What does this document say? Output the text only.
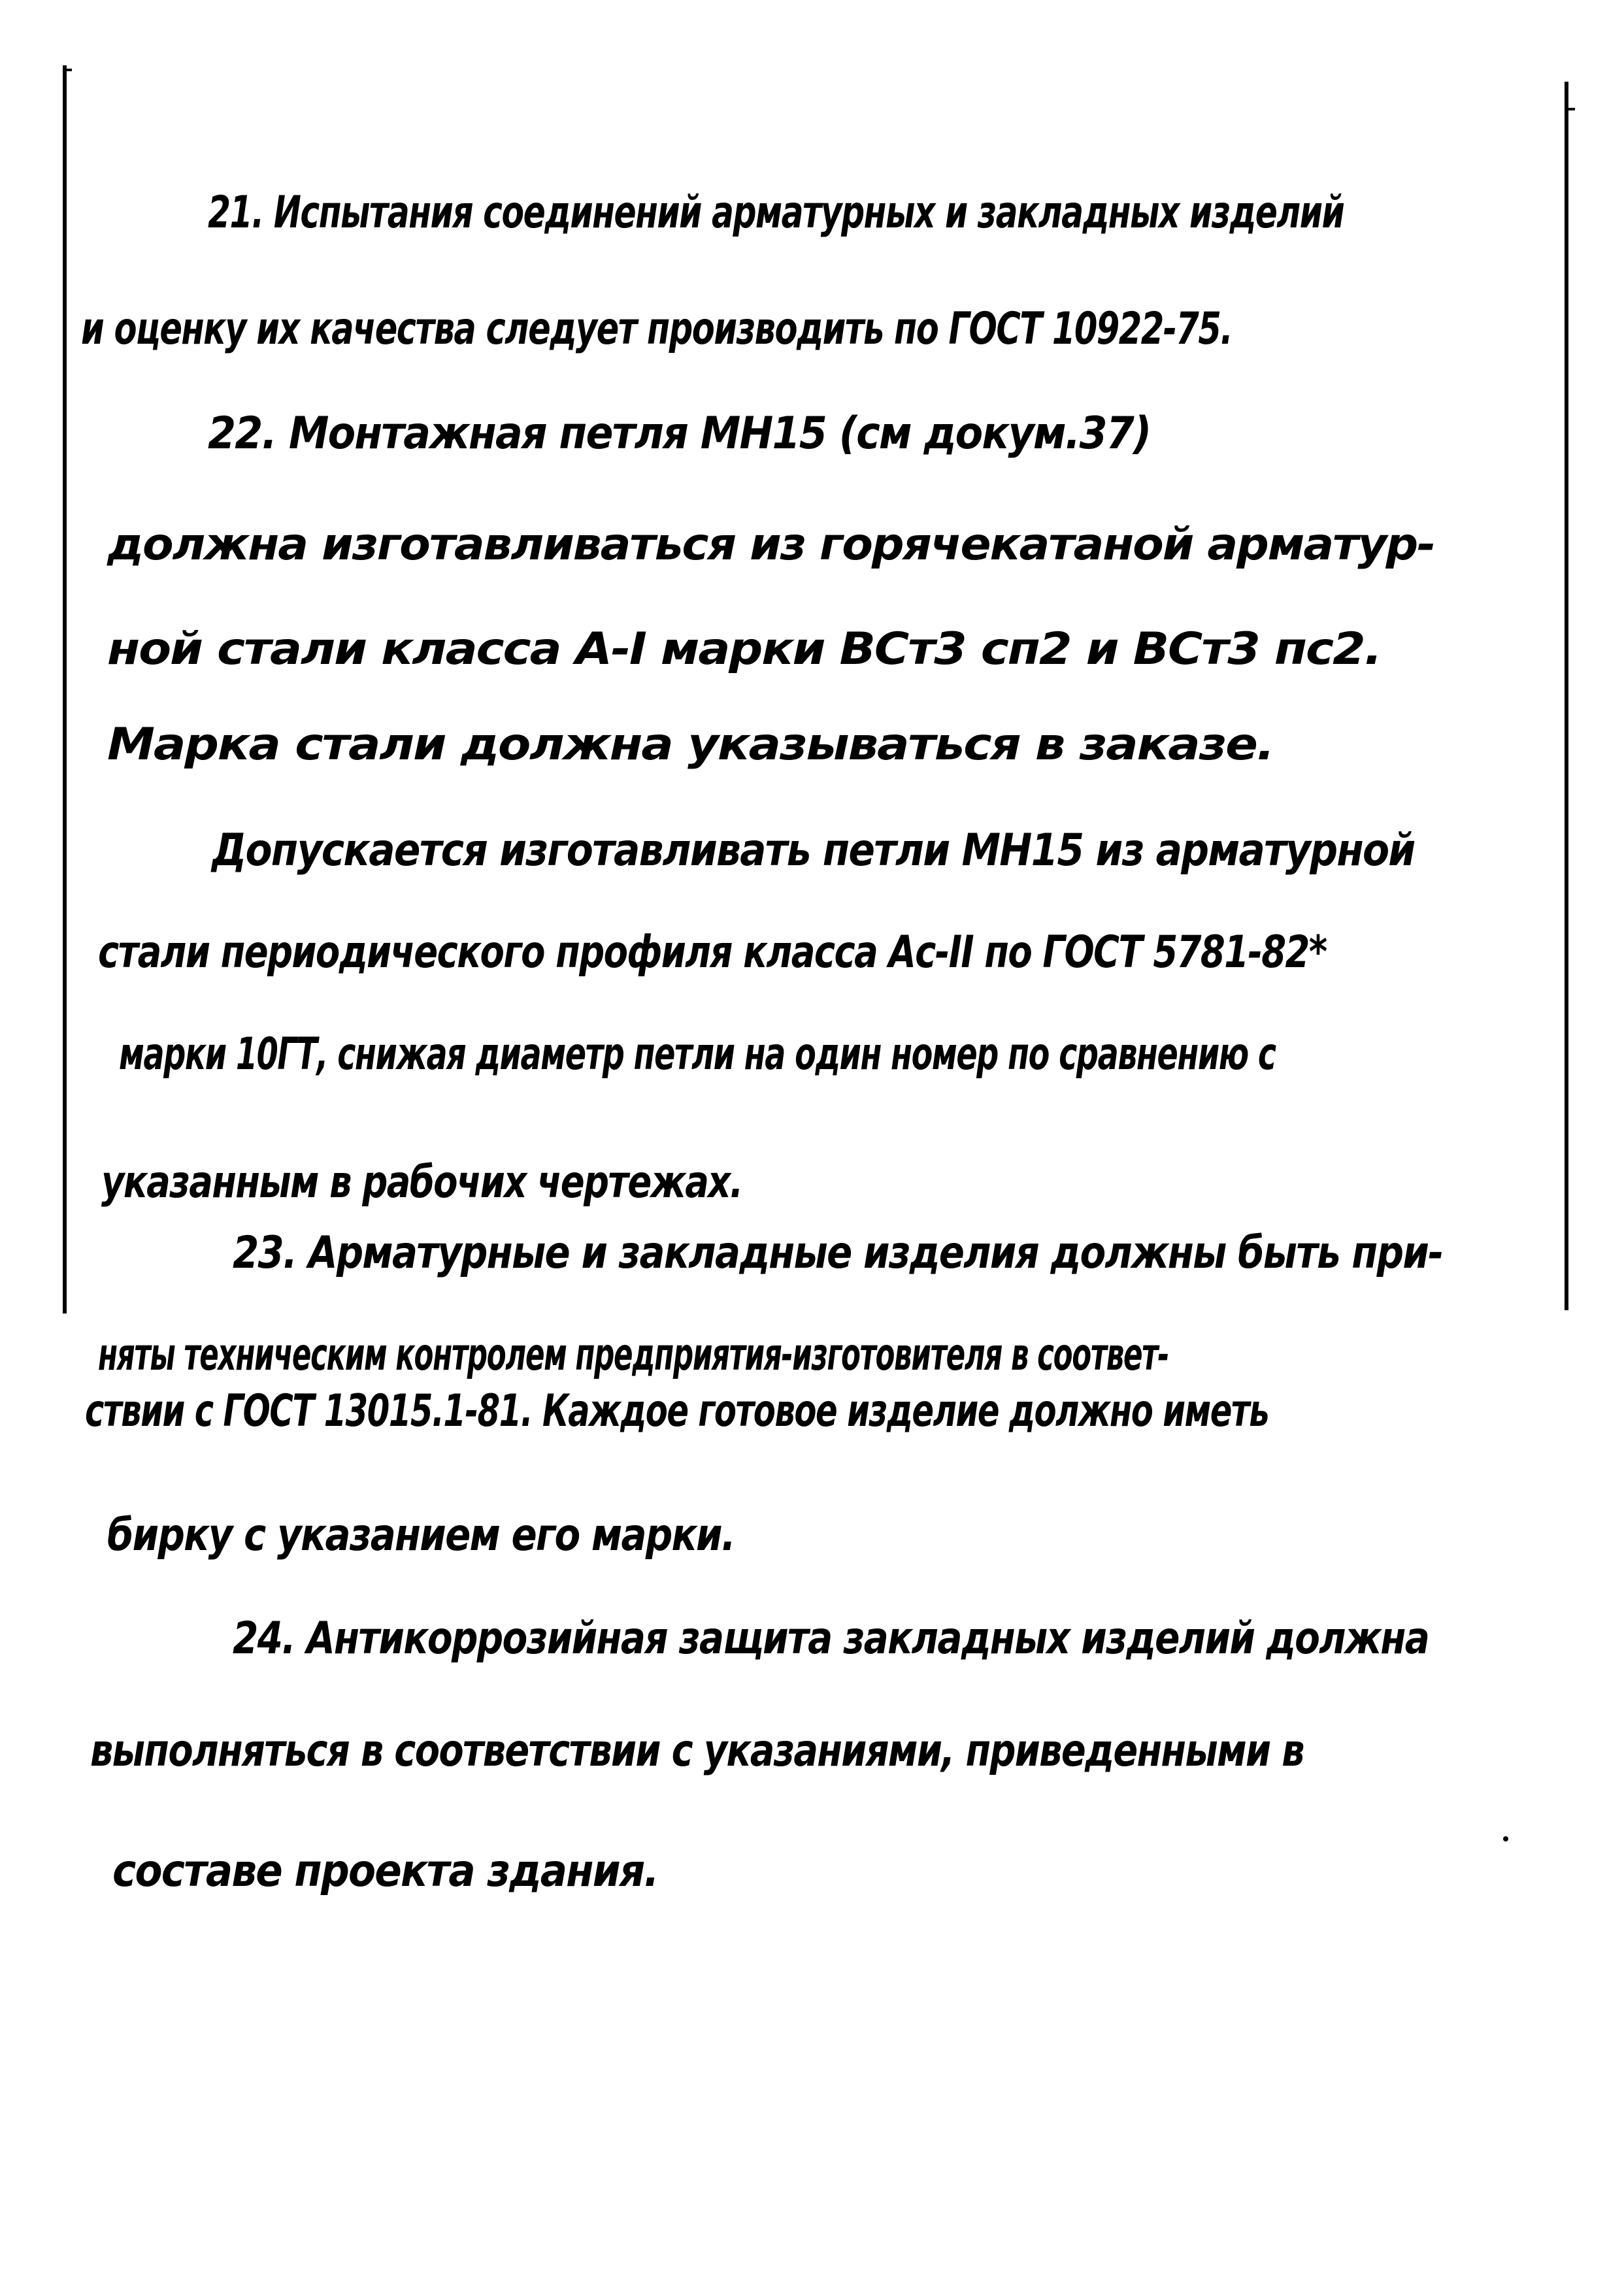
21. Испытания соединений арматурных и закладных изделий
и оценку их качества следует производить по ГОСТ 10922-75.
22. Монтажная петля МН15 (см докум.37)
должна изготавливаться из горячекатаной арматур-
ной стали класса А-I марки ВСт3 сп2 и ВСт3 пс2.
Марка стали должна указываться в заказе.
Допускается изготавливать петли МН15 из арматурной
стали периодического профиля класса Ас-II по ГОСТ 5781-82*
марки 10ГТ, снижая диаметр петли на один номер по сравнению с
указанным в рабочих чертежах.
23. Арматурные и закладные изделия должны быть при-
няты техническим контролем предприятия-изготовителя в соответ-
ствии с ГОСТ 13015.1-81. Каждое готовое изделие должно иметь
бирку с указанием его марки.
24. Антикоррозийная защита закладных изделий должна
выполняться в соответствии с указаниями, приведенными в
составе проекта здания.
